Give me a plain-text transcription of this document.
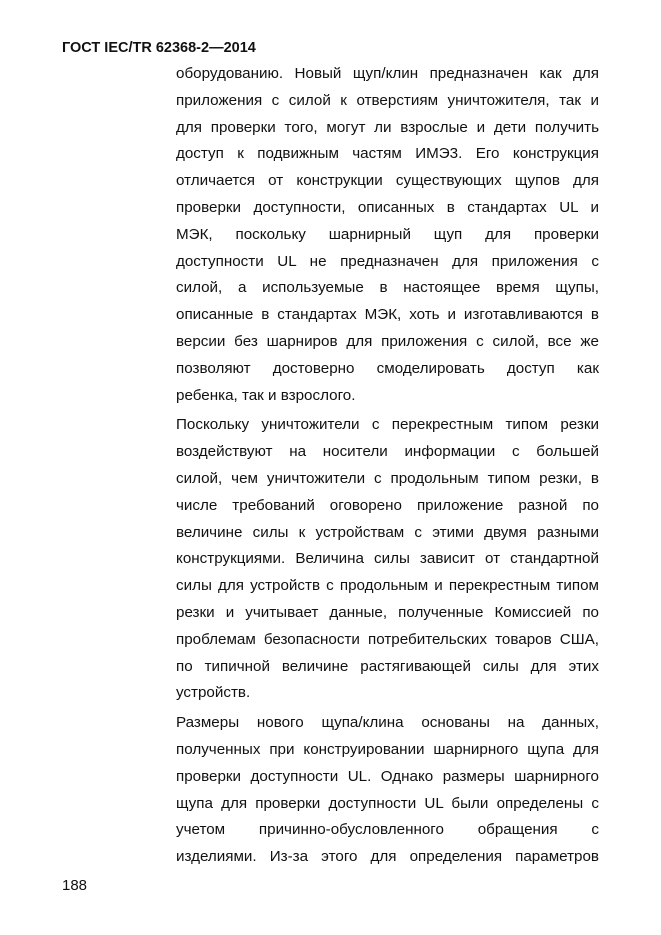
ГОСТ IEC/TR 62368-2—2014
оборудованию. Новый щуп/клин предназначен как для
приложения с силой к отверстиям уничтожителя, так и
для проверки того, могут ли взрослые и дети получить
доступ к подвижным частям ИМЭ3. Его конструкция
отличается от конструкции существующих щупов для
проверки доступности, описанных в стандартах UL и
МЭК, поскольку шарнирный щуп для проверки
доступности UL не предназначен для приложения с
силой, а используемые в настоящее время щупы,
описанные в стандартах МЭК, хоть и изготавливаются в
версии без шарниров для приложения с силой, все же
позволяют достоверно смоделировать доступ как
ребенка, так и взрослого.
Поскольку уничтожители с перекрестным типом резки
воздействуют на носители информации с большей
силой, чем уничтожители с продольным типом резки, в
числе требований оговорено приложение разной по
величине силы к устройствам с этими двумя разными
конструкциями. Величина силы зависит от стандартной
силы для устройств с продольным и перекрестным типом
резки и учитывает данные, полученные Комиссией по
проблемам безопасности потребительских товаров США,
по типичной величине растягивающей силы для этих
устройств.
Размеры нового щупа/клина основаны на данных,
полученных при конструировании шарнирного щупа для
проверки доступности UL. Однако размеры шарнирного
щупа для проверки доступности UL были определены с
учетом причинно-обусловленного обращения с
изделиями. Из-за этого для определения параметров
188
